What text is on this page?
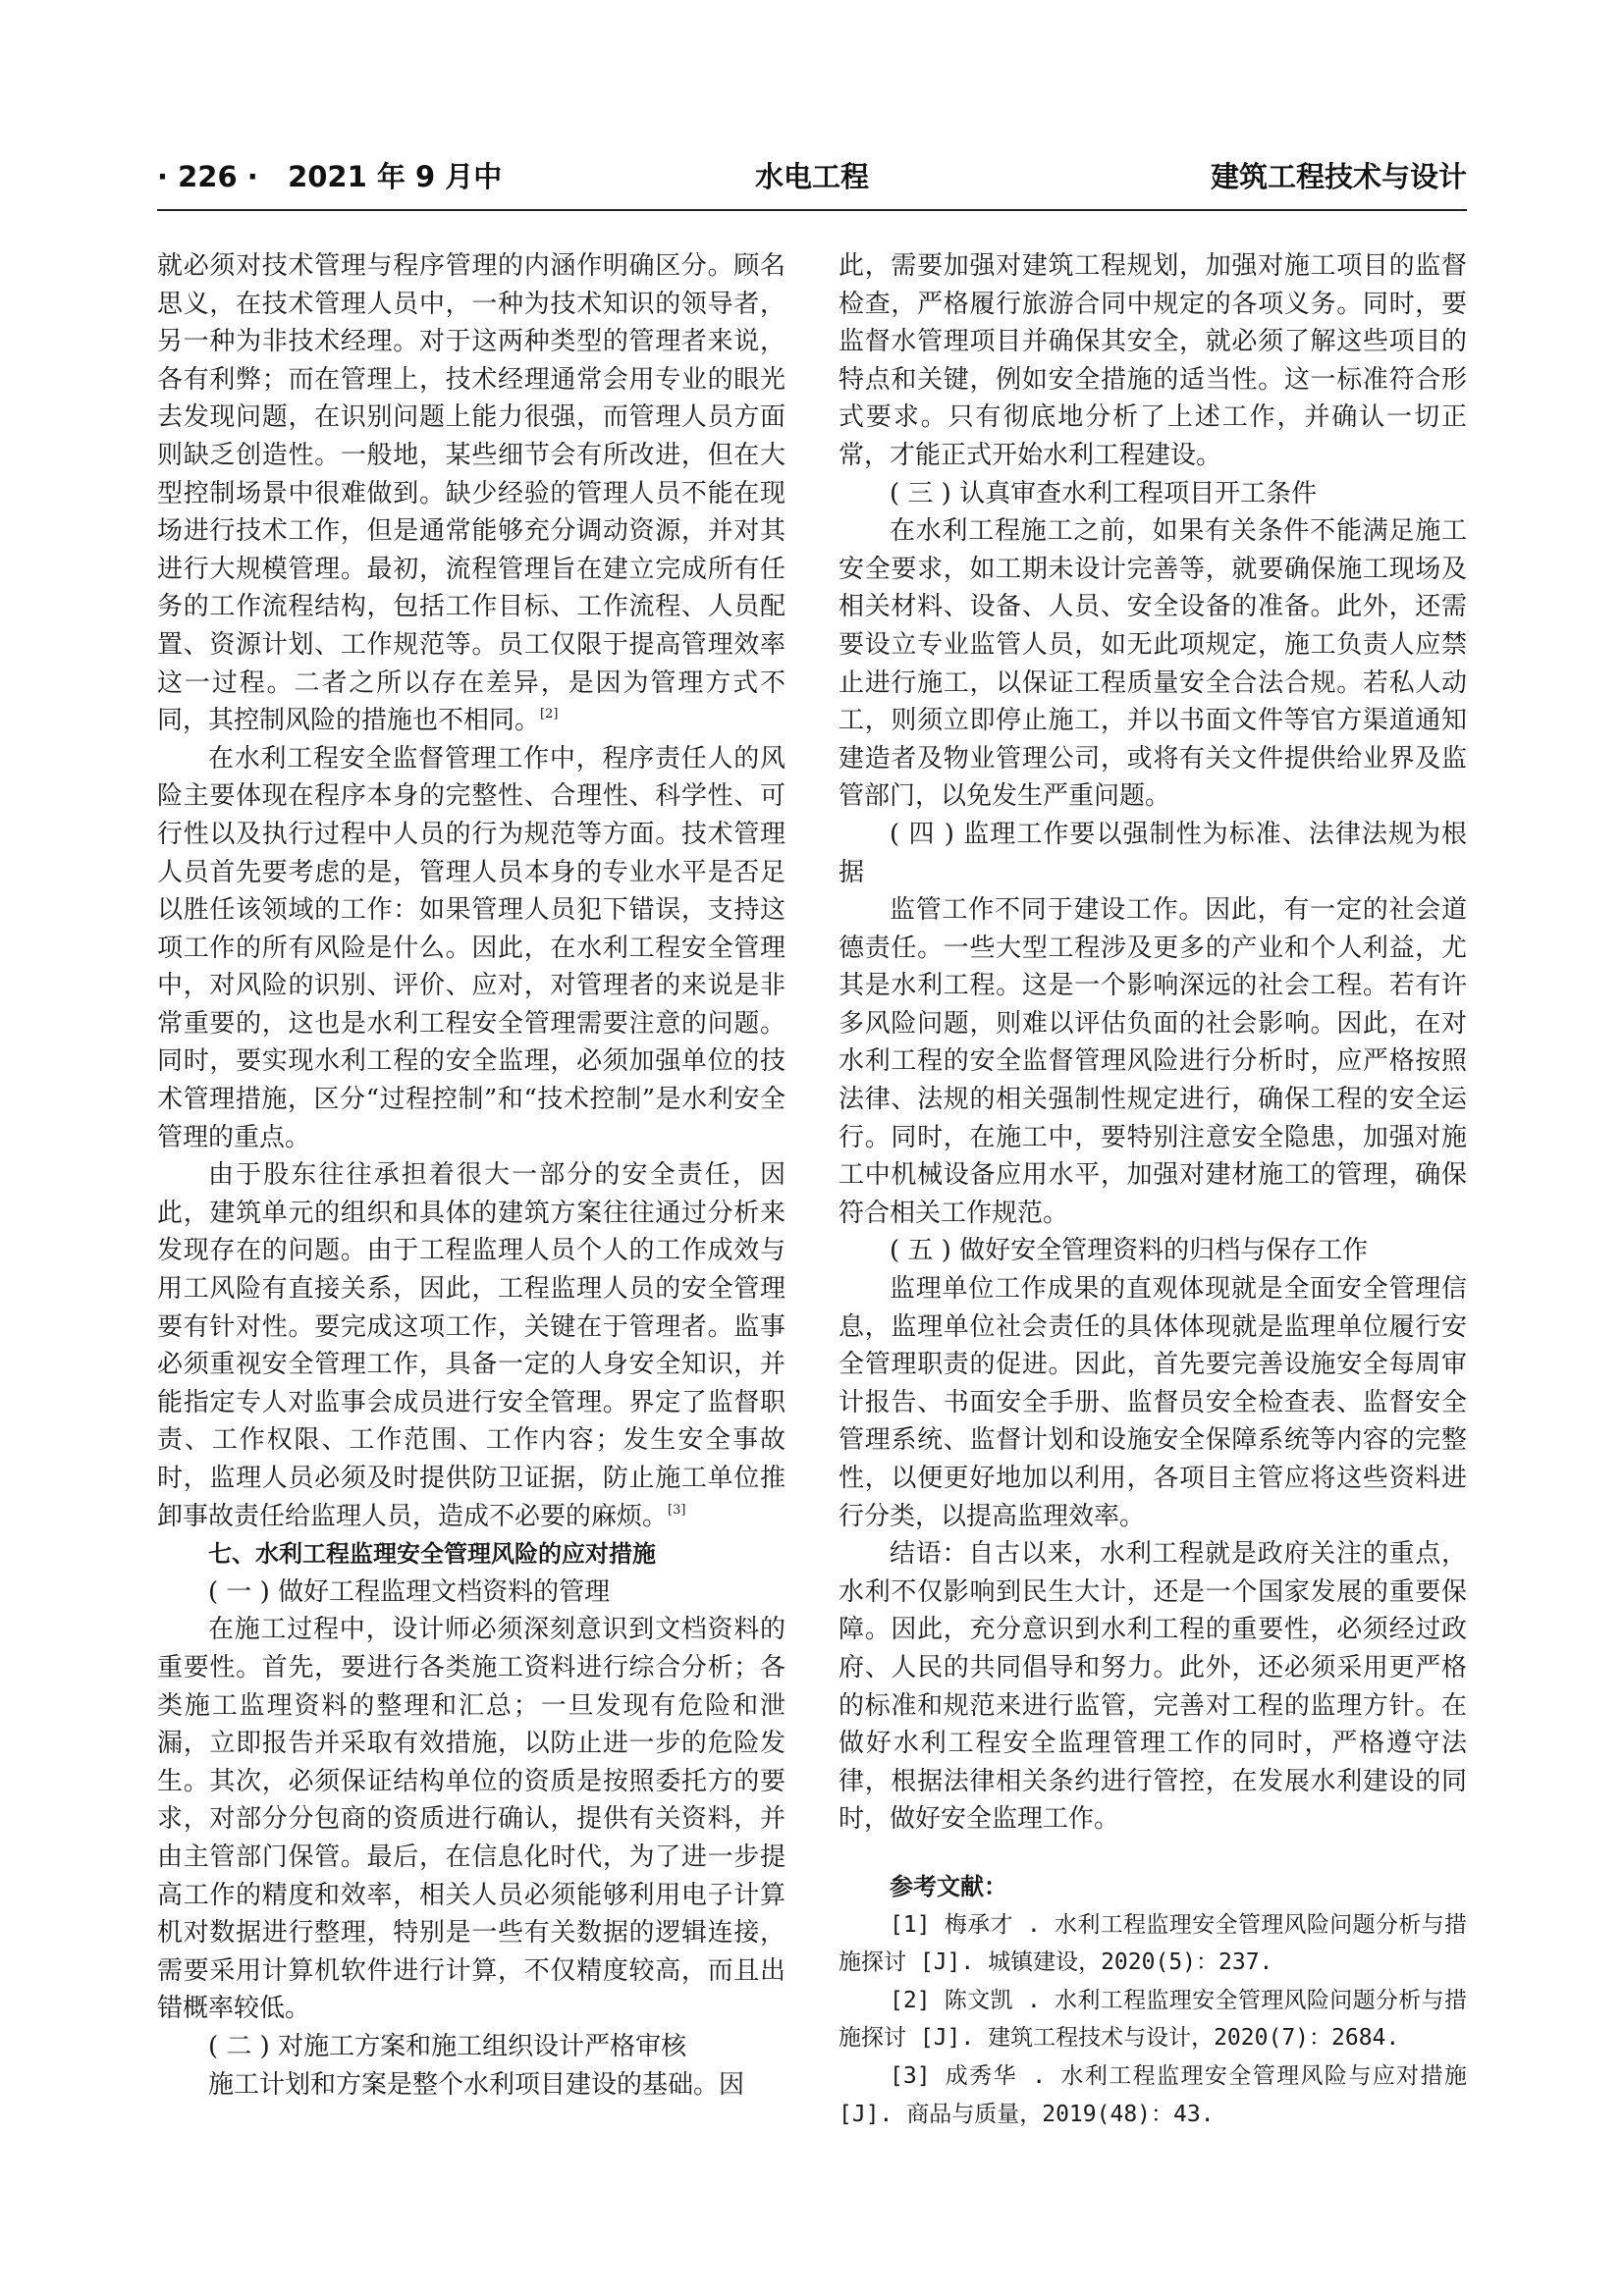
· 226 · 2021 年 9 月中	水电工程	建筑工程技术与设计

就必须对技术管理与程序管理的内涵作明确区分。顾名思义，在技术管理人员中，一种为技术知识的领导者，另一种为非技术经理。对于这两种类型的管理者来说，各有利弊；而在管理上，技术经理通常会用专业的眼光去发现问题，在识别问题上能力很强，而管理人员方面则缺乏创造性。一般地，某些细节会有所改进，但在大型控制场景中很难做到。缺少经验的管理人员不能在现场进行技术工作，但是通常能够充分调动资源，并对其进行大规模管理。最初，流程管理旨在建立完成所有任务的工作流程结构，包括工作目标、工作流程、人员配置、资源计划、工作规范等。员工仅限于提高管理效率这一过程。二者之所以存在差异，是因为管理方式不同，其控制风险的措施也不相同。[2]

在水利工程安全监督管理工作中，程序责任人的风险主要体现在程序本身的完整性、合理性、科学性、可行性以及执行过程中人员的行为规范等方面。技术管理人员首先要考虑的是，管理人员本身的专业水平是否足以胜任该领域的工作：如果管理人员犯下错误，支持这项工作的所有风险是什么。因此，在水利工程安全管理中，对风险的识别、评价、应对，对管理者的来说是非常重要的，这也是水利工程安全管理需要注意的问题。同时，要实现水利工程的安全监理，必须加强单位的技术管理措施，区分“过程控制”和“技术控制”是水利安全管理的重点。

由于股东往往承担着很大一部分的安全责任，因此，建筑单元的组织和具体的建筑方案往往通过分析来发现存在的问题。由于工程监理人员个人的工作成效与用工风险有直接关系，因此，工程监理人员的安全管理要有针对性。要完成这项工作，关键在于管理者。监事必须重视安全管理工作，具备一定的人身安全知识，并能指定专人对监事会成员进行安全管理。界定了监督职责、工作权限、工作范围、工作内容；发生安全事故时，监理人员必须及时提供防卫证据，防止施工单位推卸事故责任给监理人员，造成不必要的麻烦。[3]

七、水利工程监理安全管理风险的应对措施

( 一 ) 做好工程监理文档资料的管理

在施工过程中，设计师必须深刻意识到文档资料的重要性。首先，要进行各类施工资料进行综合分析；各类施工监理资料的整理和汇总；一旦发现有危险和泄漏，立即报告并采取有效措施，以防止进一步的危险发生。其次，必须保证结构单位的资质是按照委托方的要求，对部分分包商的资质进行确认，提供有关资料，并由主管部门保管。最后，在信息化时代，为了进一步提高工作的精度和效率，相关人员必须能够利用电子计算机对数据进行整理，特别是一些有关数据的逻辑连接，需要采用计算机软件进行计算，不仅精度较高，而且出错概率较低。

( 二 ) 对施工方案和施工组织设计严格审核

施工计划和方案是整个水利项目建设的基础。因

此，需要加强对建筑工程规划，加强对施工项目的监督检查，严格履行旅游合同中规定的各项义务。同时，要监督水管理项目并确保其安全，就必须了解这些项目的特点和关键，例如安全措施的适当性。这一标准符合形式要求。只有彻底地分析了上述工作，并确认一切正常，才能正式开始水利工程建设。

( 三 ) 认真审查水利工程项目开工条件

在水利工程施工之前，如果有关条件不能满足施工安全要求，如工期未设计完善等，就要确保施工现场及相关材料、设备、人员、安全设备的准备。此外，还需要设立专业监管人员，如无此项规定，施工负责人应禁止进行施工，以保证工程质量安全合法合规。若私人动工，则须立即停止施工，并以书面文件等官方渠道通知建造者及物业管理公司，或将有关文件提供给业界及监管部门，以免发生严重问题。

( 四 ) 监理工作要以强制性为标准、法律法规为根据

监管工作不同于建设工作。因此，有一定的社会道德责任。一些大型工程涉及更多的产业和个人利益，尤其是水利工程。这是一个影响深远的社会工程。若有许多风险问题，则难以评估负面的社会影响。因此，在对水利工程的安全监督管理风险进行分析时，应严格按照法律、法规的相关强制性规定进行，确保工程的安全运行。同时，在施工中，要特别注意安全隐患，加强对施工中机械设备应用水平，加强对建材施工的管理，确保符合相关工作规范。

( 五 ) 做好安全管理资料的归档与保存工作

监理单位工作成果的直观体现就是全面安全管理信息，监理单位社会责任的具体体现就是监理单位履行安全管理职责的促进。因此，首先要完善设施安全每周审计报告、书面安全手册、监督员安全检查表、监督安全管理系统、监督计划和设施安全保障系统等内容的完整性，以便更好地加以利用，各项目主管应将这些资料进行分类，以提高监理效率。

结语：自古以来，水利工程就是政府关注的重点，水利不仅影响到民生大计，还是一个国家发展的重要保障。因此，充分意识到水利工程的重要性，必须经过政府、人民的共同倡导和努力。此外，还必须采用更严格的标准和规范来进行监管，完善对工程的监理方针。在做好水利工程安全监理管理工作的同时，严格遵守法律，根据法律相关条约进行管控，在发展水利建设的同时，做好安全监理工作。

参考文献：

[1] 梅承才 . 水利工程监理安全管理风险问题分析与措施探讨 [J]. 城镇建设，2020(5)：237.

[2] 陈文凯 . 水利工程监理安全管理风险问题分析与措施探讨 [J]. 建筑工程技术与设计，2020(7)：2684.

[3] 成秀华 . 水利工程监理安全管理风险与应对措施 [J]. 商品与质量，2019(48)：43.
